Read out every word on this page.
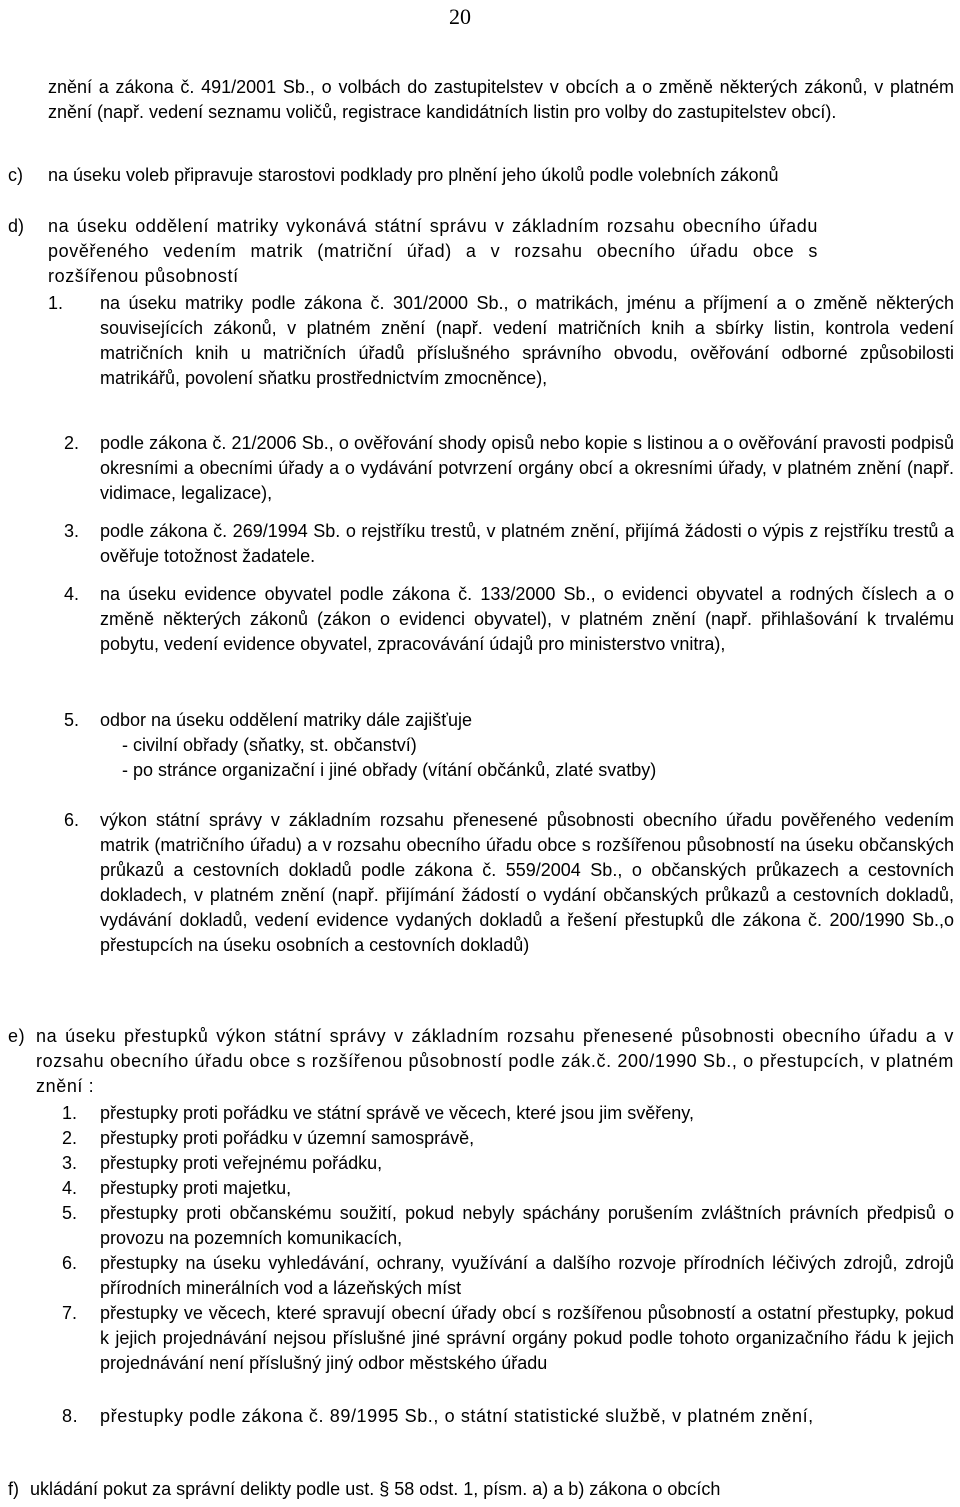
20

znění a zákona č. 491/2001 Sb., o volbách do zastupitelstev v obcích a o změně některých zákonů, v platném znění (např. vedení seznamu voličů, registrace kandidátních listin pro volby do zastupitelstev obcí).

c) na úseku voleb připravuje starostovi podklady pro plnění jeho úkolů podle volebních zákonů

d) na úseku oddělení matriky vykonává státní správu v základním rozsahu obecního úřadu pověřeného vedením matrik (matriční úřad) a v rozsahu obecního úřadu obce s rozšířenou působností

1. na úseku matriky podle zákona č. 301/2000 Sb., o matrikách, jménu a příjmení a o změně některých souvisejících zákonů, v platném znění (např. vedení matričních knih a sbírky listin, kontrola vedení matričních knih u matričních úřadů příslušného správního obvodu, ověřování odborné způsobilosti matrikářů, povolení sňatku prostřednictvím zmocněnce),

2. podle zákona č. 21/2006 Sb., o ověřování shody opisů nebo kopie s listinou a o ověřování pravosti podpisů okresními a obecními úřady a o vydávání potvrzení orgány obcí a okresními úřady, v platném znění (např. vidimace, legalizace),

3. podle zákona č. 269/1994 Sb. o rejstříku trestů, v platném znění, přijímá žádosti o výpis z rejstříku trestů a ověřuje totožnost žadatele.

4. na úseku evidence obyvatel podle zákona č. 133/2000 Sb., o evidenci obyvatel a rodných číslech a o změně některých zákonů (zákon o evidenci obyvatel), v platném znění (např. přihlašování k trvalému pobytu, vedení evidence obyvatel, zpracovávání údajů pro ministerstvo vnitra),

5. odbor na úseku oddělení matriky dále zajišťuje

- civilní obřady (sňatky, st. občanství)

- po stránce organizační i jiné obřady (vítání občánků, zlaté svatby)

6. výkon státní správy v základním rozsahu přenesené působnosti obecního úřadu pověřeného vedením matrik (matričního úřadu) a v rozsahu obecního úřadu obce s rozšířenou působností na úseku občanských průkazů a cestovních dokladů podle zákona č. 559/2004 Sb., o občanských průkazech a cestovních dokladech, v platném znění (např. přijímání žádostí o vydání občanských průkazů a cestovních dokladů, vydávání dokladů, vedení evidence vydaných dokladů a řešení přestupků dle zákona č. 200/1990 Sb.,o přestupcích na úseku osobních a cestovních dokladů)

e) na úseku přestupků výkon státní správy v základním rozsahu přenesené působnosti obecního úřadu a v rozsahu obecního úřadu obce s rozšířenou působností podle zák.č. 200/1990 Sb., o přestupcích, v platném znění :

1. přestupky proti pořádku ve státní správě ve věcech, které jsou jim svěřeny,

2. přestupky proti pořádku v územní samosprávě,

3. přestupky proti veřejnému pořádku,

4. přestupky proti majetku,

5. přestupky proti občanskému soužití, pokud nebyly spáchány porušením zvláštních právních předpisů o provozu na pozemních komunikacích,

6. přestupky na úseku vyhledávání, ochrany, využívání a dalšího rozvoje přírodních léčivých zdrojů, zdrojů přírodních minerálních vod a lázeňských míst

7. přestupky ve věcech, které spravují obecní úřady obcí s rozšířenou působností a ostatní přestupky, pokud k jejich projednávání nejsou příslušné jiné správní orgány pokud podle tohoto organizačního řádu k jejich projednávání není příslušný jiný odbor městského úřadu

8. přestupky podle zákona č. 89/1995 Sb., o státní statistické službě, v platném znění,

f) ukládání pokut za správní delikty podle ust. § 58 odst. 1, písm. a) a b) zákona o obcích
